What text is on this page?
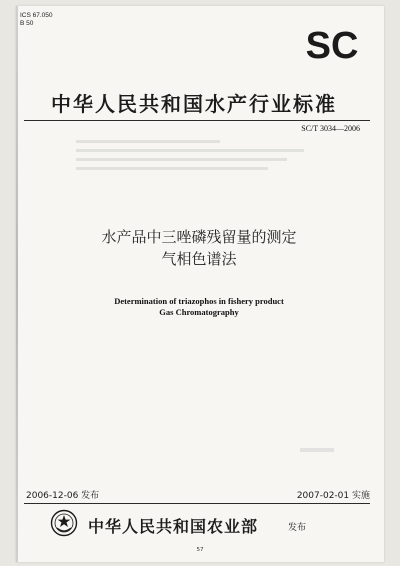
ICS 67.050
B 50
SC
中华人民共和国水产行业标准
SC/T 3034—2006
水产品中三唑磷残留量的测定
气相色谱法
Determination of triazophos in fishery product
Gas Chromatography
2006-12-06 发布	2007-02-01 实施
中华人民共和国农业部	发布
57
